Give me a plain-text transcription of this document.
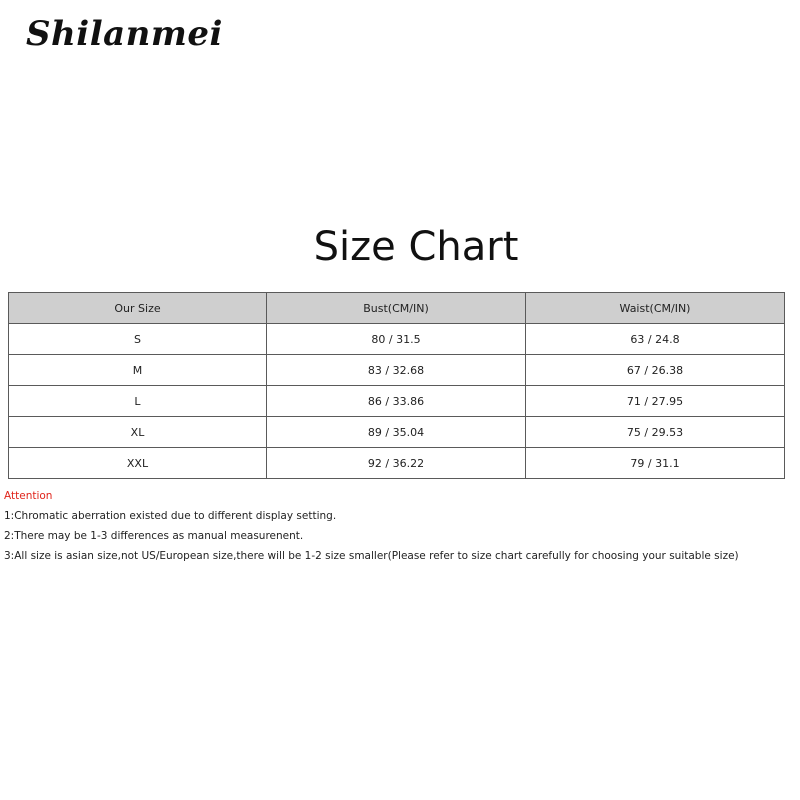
Shilanmei
Size Chart
Our Size	Bust(CM/IN)	Waist(CM/IN)
S	80 / 31.5	63 / 24.8
M	83 / 32.68	67 / 26.38
L	86 / 33.86	71 / 27.95
XL	89 / 35.04	75 / 29.53
XXL	92 / 36.22	79 / 31.1
Attention
1:Chromatic aberration existed due to different display setting.
2:There may be 1-3 differences as manual measurenent.
3:All size is asian size,not US/European size,there will be 1-2 size smaller(Please refer to size chart carefully for choosing your suitable size)
